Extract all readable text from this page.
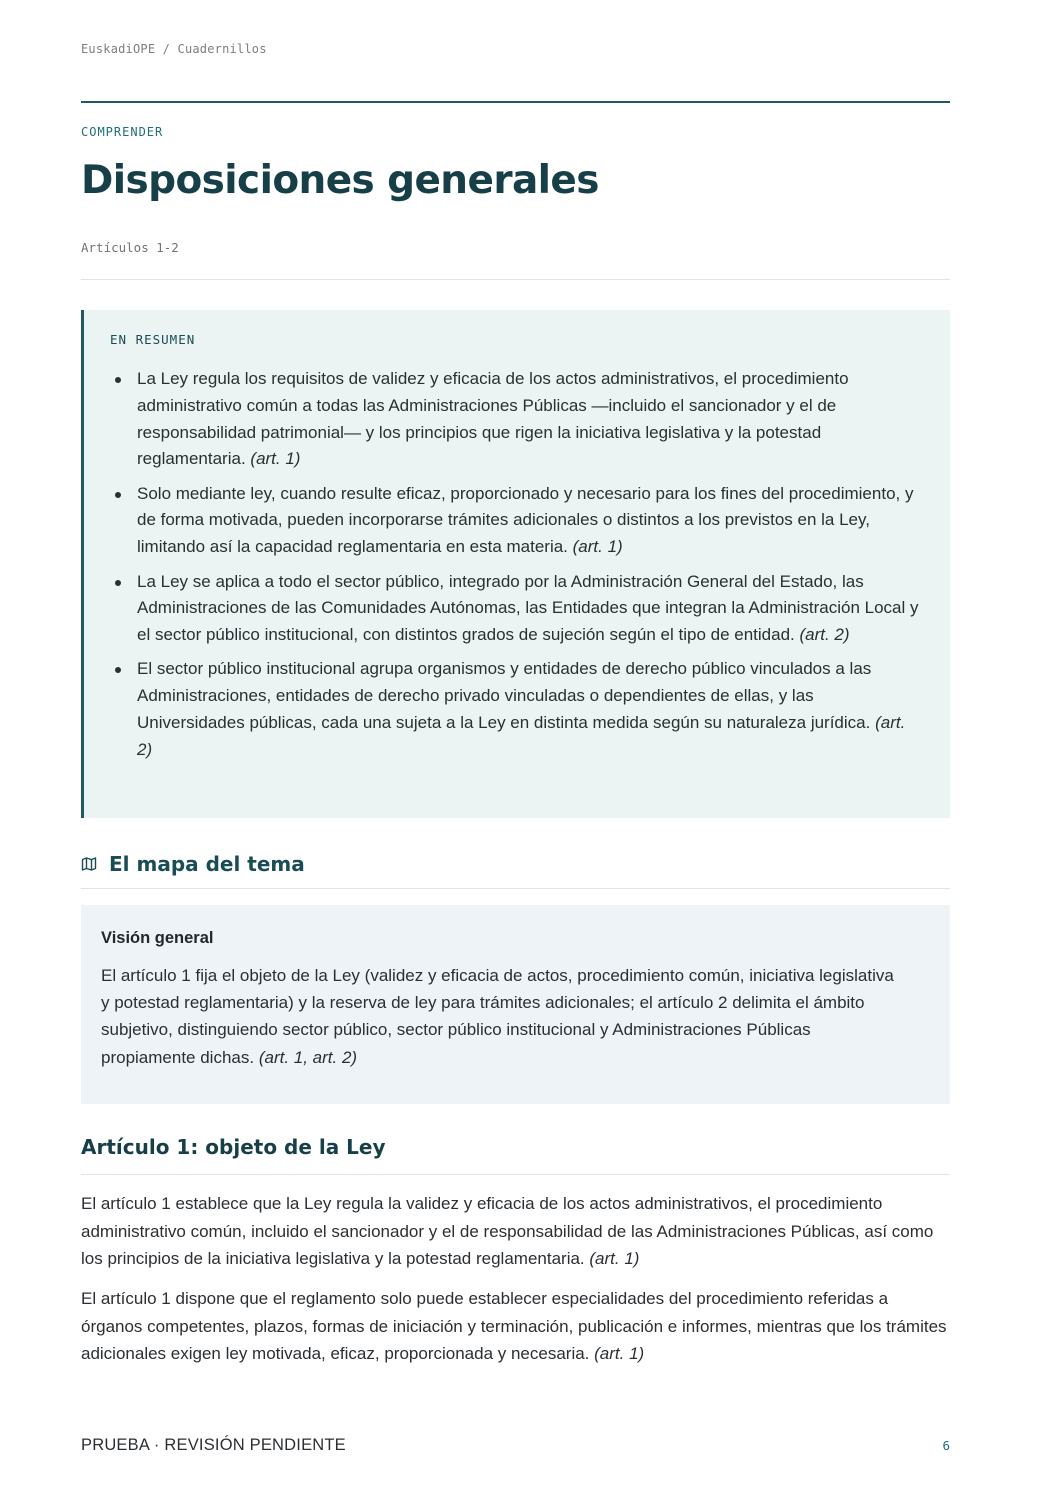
EuskadiOPE / Cuadernillos
COMPRENDER
Disposiciones generales
Artículos 1-2
EN RESUMEN
La Ley regula los requisitos de validez y eficacia de los actos administrativos, el procedimiento administrativo común a todas las Administraciones Públicas —incluido el sancionador y el de responsabilidad patrimonial— y los principios que rigen la iniciativa legislativa y la potestad reglamentaria. (art. 1)
Solo mediante ley, cuando resulte eficaz, proporcionado y necesario para los fines del procedimiento, y de forma motivada, pueden incorporarse trámites adicionales o distintos a los previstos en la Ley, limitando así la capacidad reglamentaria en esta materia. (art. 1)
La Ley se aplica a todo el sector público, integrado por la Administración General del Estado, las Administraciones de las Comunidades Autónomas, las Entidades que integran la Administración Local y el sector público institucional, con distintos grados de sujeción según el tipo de entidad. (art. 2)
El sector público institucional agrupa organismos y entidades de derecho público vinculados a las Administraciones, entidades de derecho privado vinculadas o dependientes de ellas, y las Universidades públicas, cada una sujeta a la Ley en distinta medida según su naturaleza jurídica. (art. 2)
El mapa del tema
Visión general
El artículo 1 fija el objeto de la Ley (validez y eficacia de actos, procedimiento común, iniciativa legislativa y potestad reglamentaria) y la reserva de ley para trámites adicionales; el artículo 2 delimita el ámbito subjetivo, distinguiendo sector público, sector público institucional y Administraciones Públicas propiamente dichas. (art. 1, art. 2)
Artículo 1: objeto de la Ley

El artículo 1 establece que la Ley regula la validez y eficacia de los actos administrativos, el procedimiento administrativo común, incluido el sancionador y el de responsabilidad de las Administraciones Públicas, así como los principios de la iniciativa legislativa y la potestad reglamentaria. (art. 1)

El artículo 1 dispone que el reglamento solo puede establecer especialidades del procedimiento referidas a órganos competentes, plazos, formas de iniciación y terminación, publicación e informes, mientras que los trámites adicionales exigen ley motivada, eficaz, proporcionada y necesaria. (art. 1)

PRUEBA · REVISIÓN PENDIENTE	6
